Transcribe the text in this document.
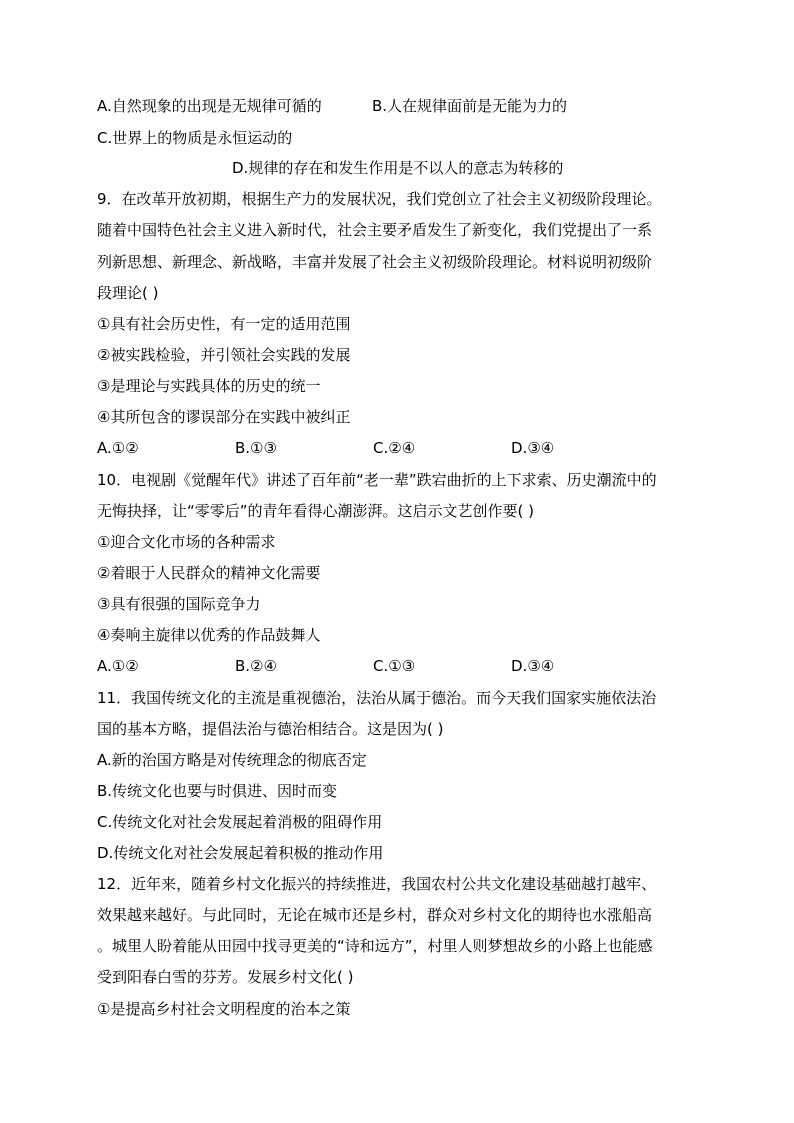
A.自然现象的出现是无规律可循的	B.人在规律面前是无能为力的
C.世界上的物质是永恒运动的
D.规律的存在和发生作用是不以人的意志为转移的
9．在改革开放初期，根据生产力的发展状况，我们党创立了社会主义初级阶段理论。
随着中国特色社会主义进入新时代，社会主要矛盾发生了新变化，我们党提出了一系
列新思想、新理念、新战略，丰富并发展了社会主义初级阶段理论。材料说明初级阶
段理论( )
①具有社会历史性，有一定的适用范围
②被实践检验，并引领社会实践的发展
③是理论与实践具体的历史的统一
④其所包含的谬误部分在实践中被纠正
A.①②	B.①③	C.②④	D.③④
10．电视剧《觉醒年代》讲述了百年前“老一辈”跌宕曲折的上下求索、历史潮流中的
无悔抉择，让“零零后”的青年看得心潮澎湃。这启示文艺创作要( )
①迎合文化市场的各种需求
②着眼于人民群众的精神文化需要
③具有很强的国际竞争力
④奏响主旋律以优秀的作品鼓舞人
A.①②	B.②④	C.①③	D.③④
11．我国传统文化的主流是重视德治，法治从属于德治。而今天我们国家实施依法治
国的基本方略，提倡法治与德治相结合。这是因为( )
A.新的治国方略是对传统理念的彻底否定
B.传统文化也要与时俱进、因时而变
C.传统文化对社会发展起着消极的阻碍作用
D.传统文化对社会发展起着积极的推动作用
12．近年来，随着乡村文化振兴的持续推进，我国农村公共文化建设基础越打越牢、
效果越来越好。与此同时，无论在城市还是乡村，群众对乡村文化的期待也水涨船高
。城里人盼着能从田园中找寻更美的“诗和远方”，村里人则梦想故乡的小路上也能感
受到阳春白雪的芬芳。发展乡村文化( )
①是提高乡村社会文明程度的治本之策
